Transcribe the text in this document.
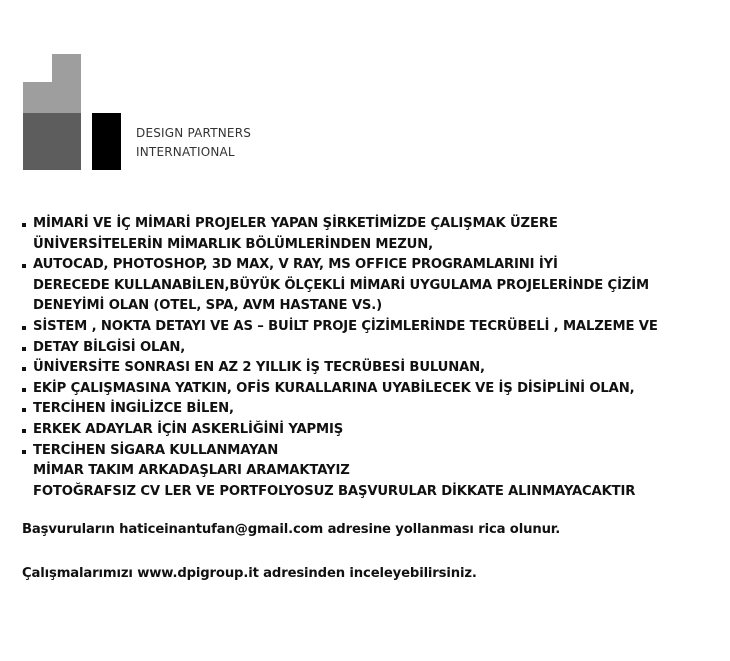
DESIGN PARTNERS
INTERNATIONAL
MİMARİ VE İÇ MİMARİ PROJELER YAPAN ŞİRKETİMİZDE ÇALIŞMAK ÜZERE
ÜNİVERSİTELERİN MİMARLIK BÖLÜMLERİNDEN MEZUN,
AUTOCAD, PHOTOSHOP, 3D MAX, V RAY, MS OFFICE PROGRAMLARINI İYİ
DERECEDE KULLANABİLEN,BÜYÜK ÖLÇEKLİ MİMARİ UYGULAMA PROJELERİNDE ÇİZİM
DENEYİMİ OLAN (OTEL, SPA, AVM HASTANE VS.)
SİSTEM , NOKTA DETAYI VE AS – BUİLT PROJE ÇİZİMLERİNDE TECRÜBELİ , MALZEME VE
DETAY BİLGİSİ OLAN,
ÜNİVERSİTE SONRASI EN AZ 2 YILLIK İŞ TECRÜBESİ BULUNAN,
EKİP ÇALIŞMASINA YATKIN, OFİS KURALLARINA UYABİLECEK VE İŞ DİSİPLİNİ OLAN,
TERCİHEN İNGİLİZCE BİLEN,
ERKEK ADAYLAR İÇİN ASKERLİĞİNİ YAPMIŞ
TERCİHEN SİGARA KULLANMAYAN
MİMAR TAKIM ARKADAŞLARI ARAMAKTAYIZ
FOTOĞRAFSIZ CV LER VE PORTFOLYOSUZ BAŞVURULAR DİKKATE ALINMAYACAKTIR
Başvuruların haticeinantufan@gmail.com adresine yollanması rica olunur.
Çalışmalarımızı www.dpigroup.it adresinden inceleyebilirsiniz.
